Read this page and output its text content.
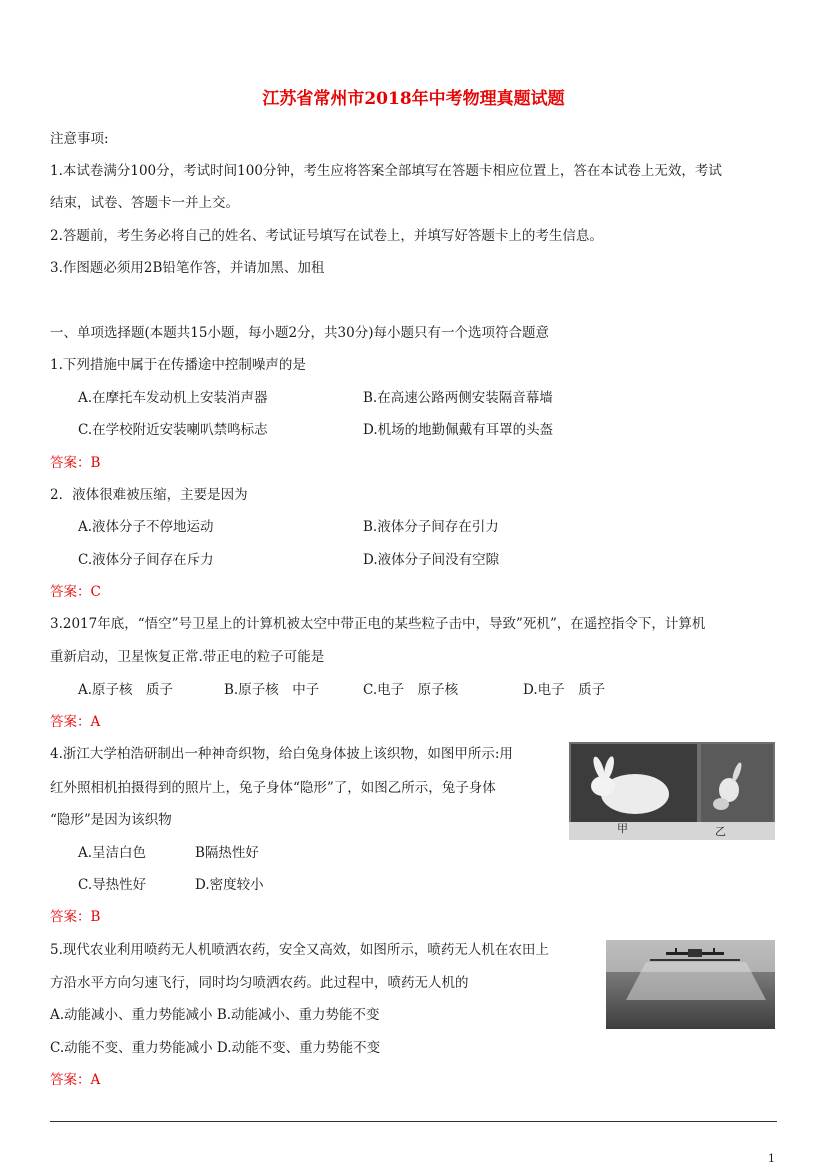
江苏省常州市2018年中考物理真题试题
注意事项:
1.本试卷满分100分，考试时间100分钟，考生应将答案全部填写在答题卡相应位置上，答在本试卷上无效，考试
结束，试卷、答题卡一并上交。
2.答题前，考生务必将自己的姓名、考试证号填写在试卷上，并填写好答题卡上的考生信息。
3.作图题必须用2B铅笔作答，并请加黑、加租
一、单项选择题(本题共15小题，每小题2分，共30分)每小题只有一个选项符合题意
1.下列措施中属于在传播途中控制噪声的是
A.在摩托车发动机上安装消声器	B.在高速公路两侧安装隔音幕墙
C.在学校附近安装喇叭禁鸣标志	D.机场的地勤佩戴有耳罩的头盔
答案：B
2．液体很难被压缩，主要是因为
A.液体分子不停地运动	B.液体分子间存在引力
C.液体分子间存在斥力	D.液体分子间没有空隙
答案：C
3.2017年底，“悟空”号卫星上的计算机被太空中带正电的某些粒子击中，导致”死机”，在遥控指令下，计算机
重新启动，卫星恢复正常.带正电的粒子可能是
A.原子核　质子	B.原子核　中子	C.电子　原子核	D.电子　质子
答案：A
4.浙江大学柏浩研制出一种神奇织物，给白兔身体披上该织物，如图甲所示:用
红外照相机拍摄得到的照片上，兔子身体“隐形”了，如图乙所示，兔子身体
“隐形”是因为该织物
A.呈洁白色	B隔热性好
C.导热性好	D.密度较小
答案：B
甲	乙
5.现代农业利用喷药无人机喷洒农药，安全又高效，如图所示，喷药无人机在农田上
方沿水平方向匀速飞行，同时均匀喷洒农药。此过程中，喷药无人机的
A.动能减小、重力势能减小 B.动能减小、重力势能不变
C.动能不变、重力势能减小 D.动能不变、重力势能不变
答案：A
1
